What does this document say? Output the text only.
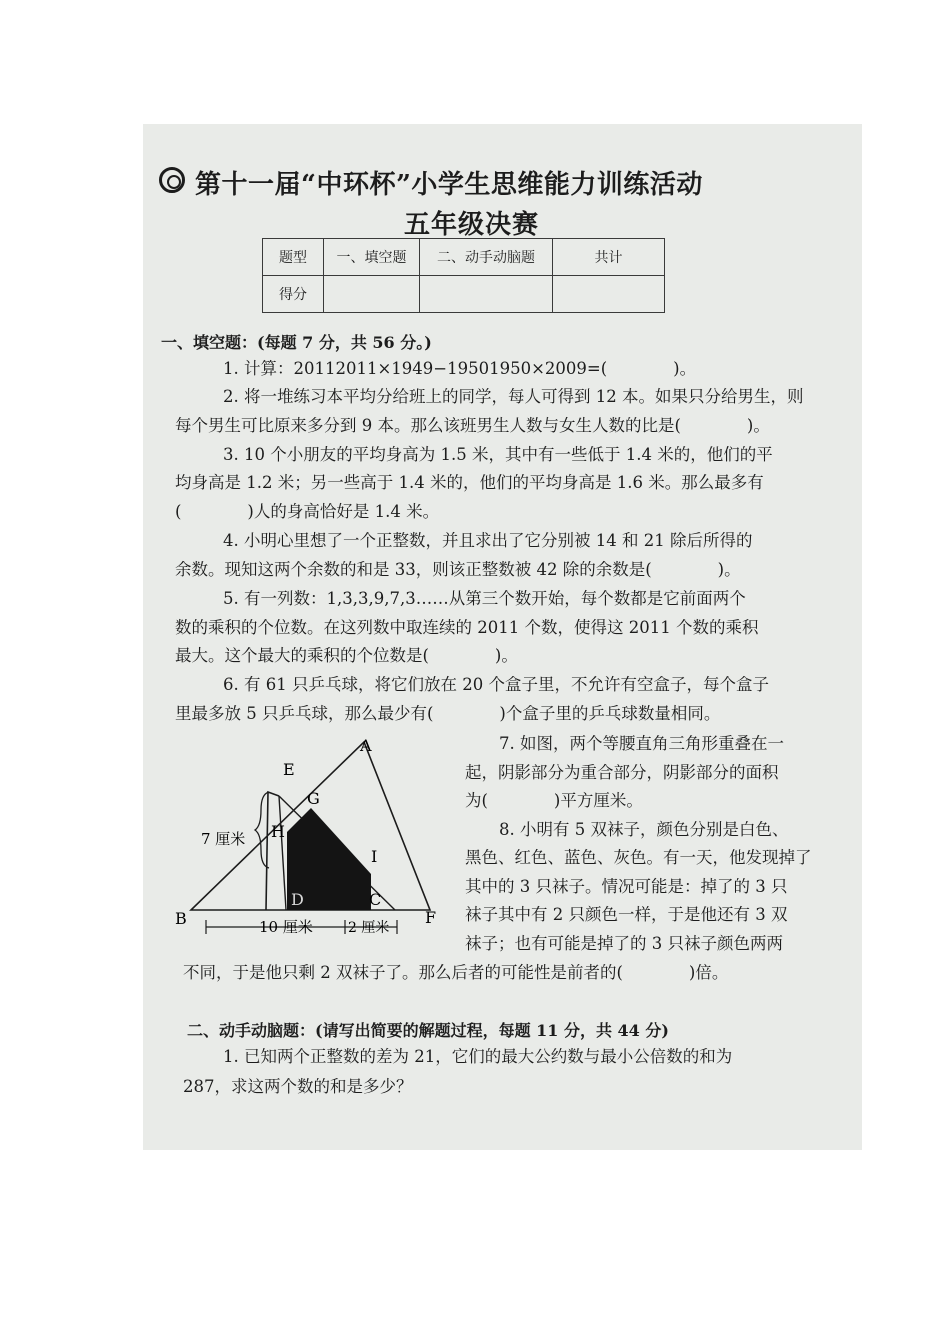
第十一届“中环杯”小学生思维能力训练活动
五年级决赛
题型	一、填空题	二、动手动脑题	共计
得分			
一、填空题：(每题 7 分，共 56 分。)
1. 计算：20112011×1949−19501950×2009=(　　　　)。
2. 将一堆练习本平均分给班上的同学，每人可得到 12 本。如果只分给男生，则
每个男生可比原来多分到 9 本。那么该班男生人数与女生人数的比是(　　　　)。
3. 10 个小朋友的平均身高为 1.5 米，其中有一些低于 1.4 米的，他们的平
均身高是 1.2 米；另一些高于 1.4 米的，他们的平均身高是 1.6 米。那么最多有
(　　　　)人的身高恰好是 1.4 米。
4. 小明心里想了一个正整数，并且求出了它分别被 14 和 21 除后所得的
余数。现知这两个余数的和是 33，则该正整数被 42 除的余数是(　　　　)。
5. 有一列数：1,3,3,9,7,3……从第三个数开始，每个数都是它前面两个
数的乘积的个位数。在这列数中取连续的 2011 个数，使得这 2011 个数的乘积
最大。这个最大的乘积的个位数是(　　　　)。
6. 有 61 只乒乓球，将它们放在 20 个盒子里，不允许有空盒子，每个盒子
里最多放 5 只乒乓球，那么最少有(　　　　)个盒子里的乒乓球数量相同。
A
B
C
D
E
F
G
H
I
7 厘米
10 厘米	2 厘米
7. 如图，两个等腰直角三角形重叠在一
起，阴影部分为重合部分，阴影部分的面积
为(　　　　)平方厘米。
8. 小明有 5 双袜子，颜色分别是白色、
黑色、红色、蓝色、灰色。有一天，他发现掉了
其中的 3 只袜子。情况可能是：掉了的 3 只
袜子其中有 2 只颜色一样，于是他还有 3 双
袜子；也有可能是掉了的 3 只袜子颜色两两
不同，于是他只剩 2 双袜子了。那么后者的可能性是前者的(　　　　)倍。
二、动手动脑题：(请写出简要的解题过程，每题 11 分，共 44 分)
1. 已知两个正整数的差为 21，它们的最大公约数与最小公倍数的和为
287，求这两个数的和是多少？
